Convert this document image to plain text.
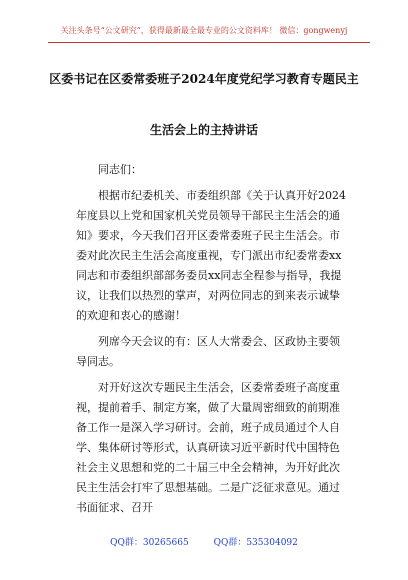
关注头条号“公文研究”，获得最新最全最专业的公文资料库！ 微信：gongwenyj
区委书记在区委常委班子2024年度党纪学习教育专题民主
生活会上的主持讲话

同志们：

根据市纪委机关、市委组织部《关于认真开好2024年度县以上党和国家机关党员领导干部民主生活会的通知》要求，今天我们召开区委常委班子民主生活会。市委对此次民主生活会高度重视，专门派出市纪委常委xx同志和市委组织部部务委员xx同志全程参与指导，我提议，让我们以热烈的掌声，对两位同志的到来表示诚挚的欢迎和衷心的感谢！

列席今天会议的有：区人大常委会、区政协主要领导同志。

对开好这次专题民主生活会，区委常委班子高度重视，提前着手、制定方案，做了大量周密细致的前期准备工作一是深入学习研讨。会前，班子成员通过个人自学、集体研讨等形式，认真研读习近平新时代中国特色社会主义思想和党的二十届三中全会精神，为开好此次民主生活会打牢了思想基础。二是广泛征求意见。通过书面征求、召开

QQ群：30265665	QQ群：535304092
